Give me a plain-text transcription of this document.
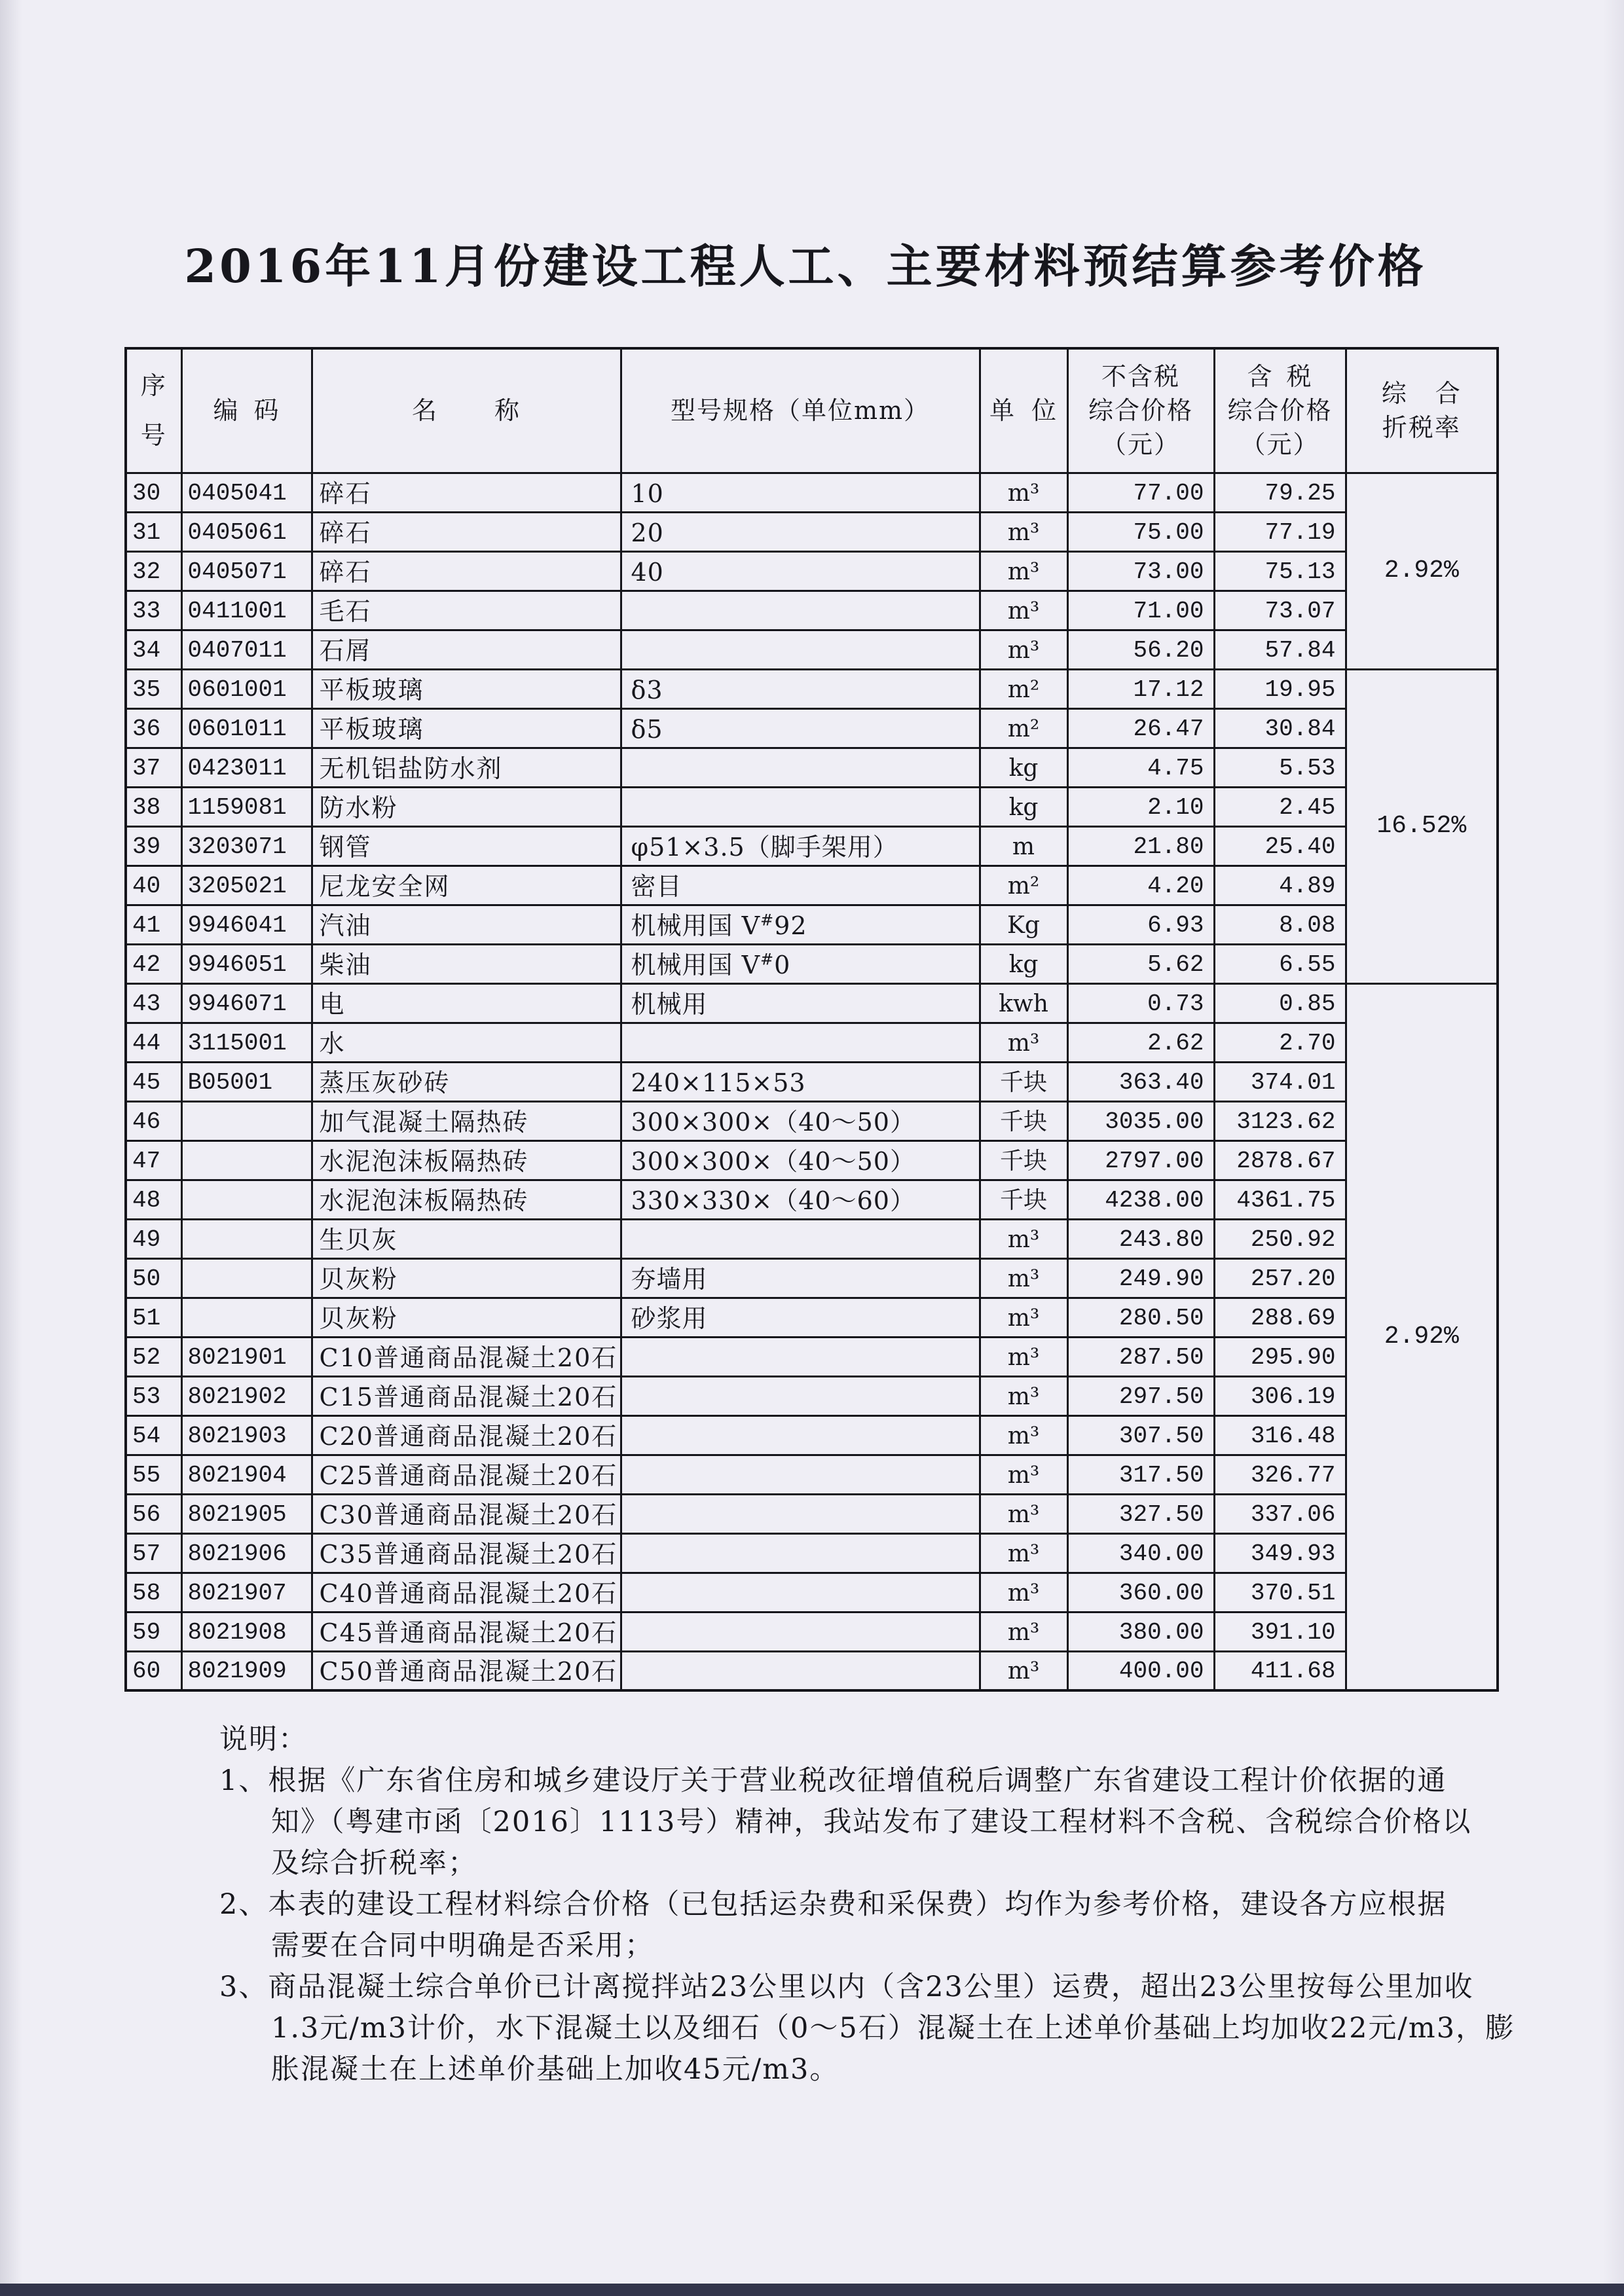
2016年11月份建设工程人工、主要材料预结算参考价格
序
号	编 码	名 称	型号规格（单位mm）	单 位	不含税
综合价格
（元）	含 税
综合价格
（元）	综 合
折税率

30	0405041	碎石	10	m³	77.00	79.25	2.92%
31	0405061	碎石	20	m³	75.00	77.19	
32	0405071	碎石	40	m³	73.00	75.13	
33	0411001	毛石		m³	71.00	73.07	
34	0407011	石屑		m³	56.20	57.84	
35	0601001	平板玻璃	δ3	m²	17.12	19.95	16.52%
36	0601011	平板玻璃	δ5	m²	26.47	30.84	
37	0423011	无机铝盐防水剂		kg	4.75	5.53	
38	1159081	防水粉		kg	2.10	2.45	
39	3203071	钢管	φ51×3.5（脚手架用）	m	21.80	25.40	
40	3205021	尼龙安全网	密目	m²	4.20	4.89	
41	9946041	汽油	机械用国 V#92	Kg	6.93	8.08	
42	9946051	柴油	机械用国 V#0	kg	5.62	6.55	
43	9946071	电	机械用	kwh	0.73	0.85	2.92%
44	3115001	水		m³	2.62	2.70	
45	B05001	蒸压灰砂砖	240×115×53	千块	363.40	374.01	
46		加气混凝土隔热砖	300×300×（40～50）	千块	3035.00	3123.62	
47		水泥泡沫板隔热砖	300×300×（40～50）	千块	2797.00	2878.67	
48		水泥泡沫板隔热砖	330×330×（40～60）	千块	4238.00	4361.75	
49		生贝灰		m³	243.80	250.92	
50		贝灰粉	夯墙用	m³	249.90	257.20	
51		贝灰粉	砂浆用	m³	280.50	288.69	
52	8021901	C10普通商品混凝土20石		m³	287.50	295.90	
53	8021902	C15普通商品混凝土20石		m³	297.50	306.19	
54	8021903	C20普通商品混凝土20石		m³	307.50	316.48	
55	8021904	C25普通商品混凝土20石		m³	317.50	326.77	
56	8021905	C30普通商品混凝土20石		m³	327.50	337.06	
57	8021906	C35普通商品混凝土20石		m³	340.00	349.93	
58	8021907	C40普通商品混凝土20石		m³	360.00	370.51	
59	8021908	C45普通商品混凝土20石		m³	380.00	391.10	
60	8021909	C50普通商品混凝土20石		m³	400.00	411.68	
说明：
1、根据《广东省住房和城乡建设厅关于营业税改征增值税后调整广东省建设工程计价依据的通
知》（粤建市函〔2016〕1113号）精神，我站发布了建设工程材料不含税、含税综合价格以
及综合折税率；
2、本表的建设工程材料综合价格（已包括运杂费和采保费）均作为参考价格，建设各方应根据
需要在合同中明确是否采用；
3、商品混凝土综合单价已计离搅拌站23公里以内（含23公里）运费，超出23公里按每公里加收
1.3元/m3计价，水下混凝土以及细石（0～5石）混凝土在上述单价基础上均加收22元/m3，膨
胀混凝土在上述单价基础上加收45元/m3。
